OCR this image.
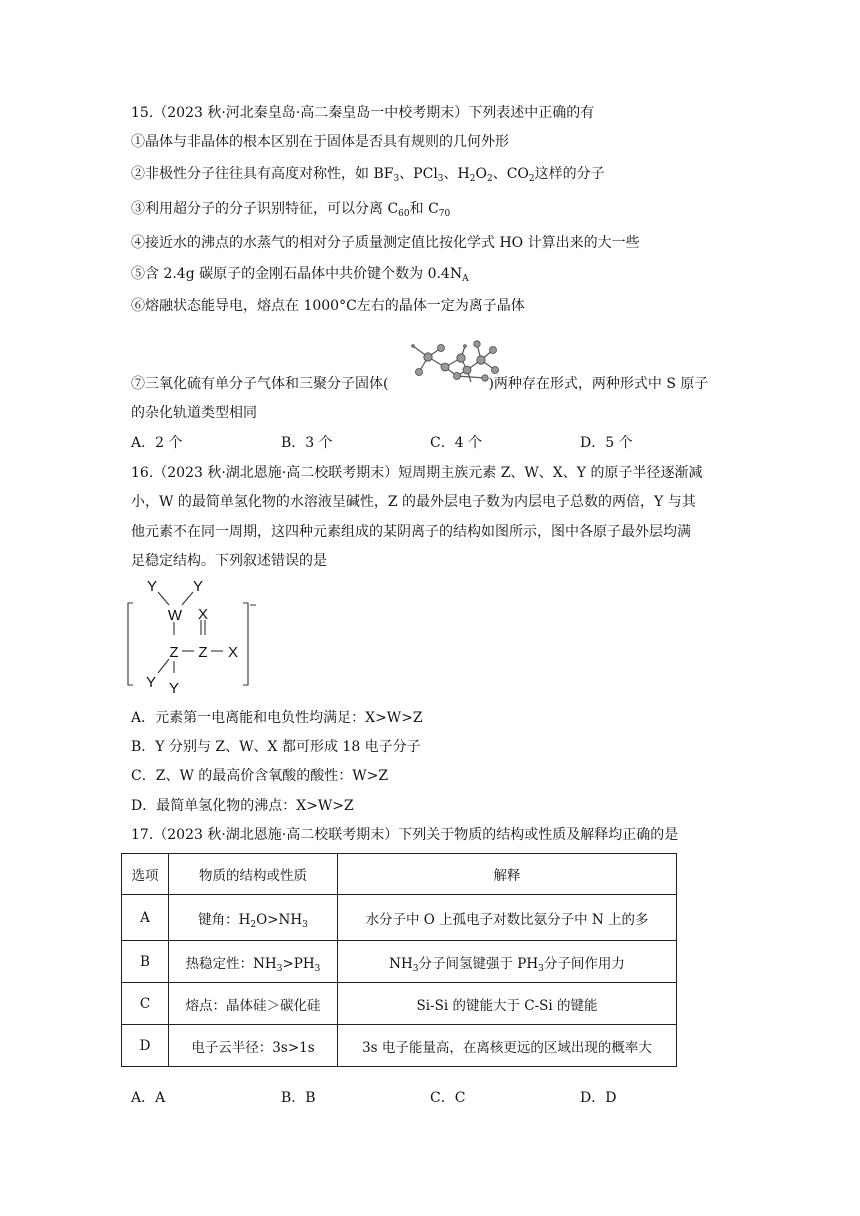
15.（2023 秋·河北秦皇岛·高二秦皇岛一中校考期末）下列表述中正确的有
①晶体与非晶体的根本区别在于固体是否具有规则的几何外形
②非极性分子往往具有高度对称性，如 $BF_3$、PCl$_3$、$H_2O_2$、$CO_2$这样的分子
③利用超分子的分子识别特征，可以分离 $C_{60}$和 $C_{70}$
④接近水的沸点的水蒸气的相对分子质量测定值比按化学式 HO 计算出来的大一些
⑤含 2.4g 碳原子的金刚石晶体中共价键个数为 $0.4N_A$
⑥熔融状态能导电，熔点在 1000°C左右的晶体一定为离子晶体
⑦三氧化硫有单分子气体和三聚分子固体(	)两种存在形式，两种形式中 S 原子
的杂化轨道类型相同
A．2 个	B．3 个	C．4 个	D．5 个
16.（2023 秋·湖北恩施·高二校联考期末）短周期主族元素 Z、W、X、Y 的原子半径逐渐减
小，W 的最简单氢化物的水溶液呈碱性，Z 的最外层电子数为内层电子总数的两倍，Y 与其
他元素不在同一周期，这四种元素组成的某阴离子的结构如图所示，图中各原子最外层均满
足稳定结构。下列叙述错误的是
Y Y
W X
Z Z X
Y Y
−
A．元素第一电离能和电负性均满足：X>W>Z
B．Y 分别与 Z、W、X 都可形成 18 电子分子
C．Z、W 的最高价含氧酸的酸性：W>Z
D．最简单氢化物的沸点：X>W>Z
17.（2023 秋·湖北恩施·高二校联考期末）下列关于物质的结构或性质及解释均正确的是
选项	物质的结构或性质	解释
A	键角：$H_2O>NH_3$	水分子中 O 上孤电子对数比氨分子中 N 上的多
B	热稳定性：$NH_3>PH_3$	$NH_3$分子间氢键强于 $PH_3$分子间作用力
C	熔点：晶体硅＞碳化硅	Si-Si 的键能大于 C-Si 的键能
D	电子云半径：3s>1s	3s 电子能量高，在离核更远的区域出现的概率大
A．A	B．B	C．C	D．D
